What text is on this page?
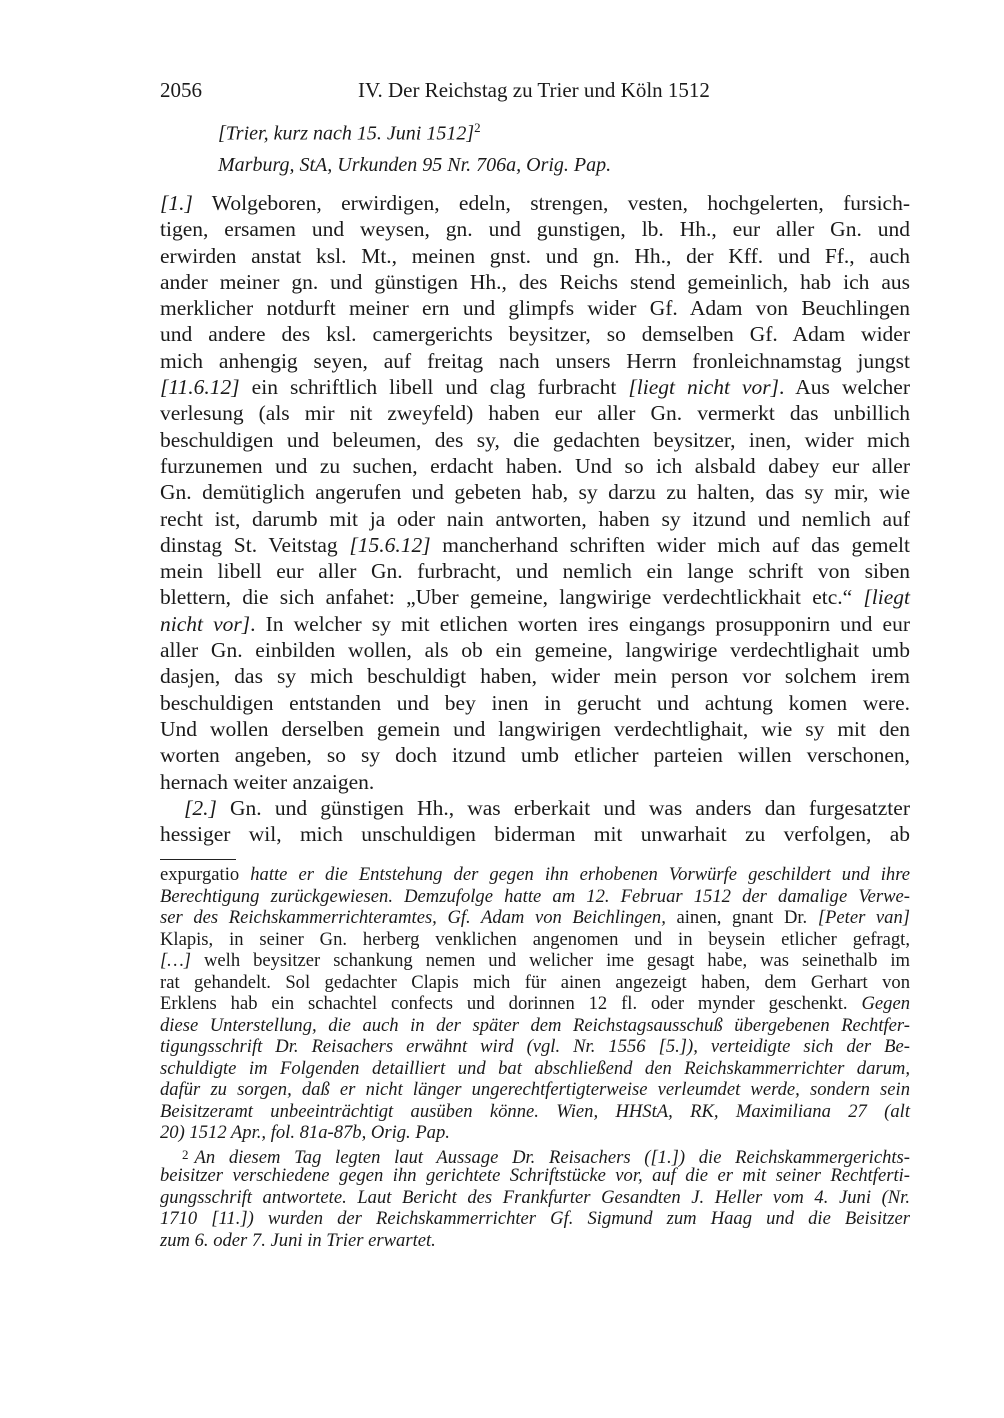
2056	IV. Der Reichstag zu Trier und Köln 1512
[Trier, kurz nach 15. Juni 1512]$^2$
Marburg, StA, Urkunden 95 Nr. 706a, Orig. Pap.
[1.] Wolgeboren, erwirdigen, edeln, strengen, vesten, hochgelerten, fursich-
tigen, ersamen und weysen, gn. und gunstigen, lb. Hh., eur aller Gn. und
erwirden anstat ksl. Mt., meinen gnst. und gn. Hh., der Kff. und Ff., auch
ander meiner gn. und günstigen Hh., des Reichs stend gemeinlich, hab ich aus
merklicher notdurft meiner ern und glimpfs wider Gf. Adam von Beuchlingen
und andere des ksl. camergerichts beysitzer, so demselben Gf. Adam wider
mich anhengig seyen, auf freitag nach unsers Herrn fronleichnamstag jungst
[11.6.12] ein schriftlich libell und clag furbracht [liegt nicht vor]. Aus welcher
verlesung (als mir nit zweyfeld) haben eur aller Gn. vermerkt das unbillich
beschuldigen und beleumen, des sy, die gedachten beysitzer, inen, wider mich
furzunemen und zu suchen, erdacht haben. Und so ich alsbald dabey eur aller
Gn. demütiglich angerufen und gebeten hab, sy darzu zu halten, das sy mir, wie
recht ist, darumb mit ja oder nain antworten, haben sy itzund und nemlich auf
dinstag St. Veitstag [15.6.12] mancherhand schriften wider mich auf das gemelt
mein libell eur aller Gn. furbracht, und nemlich ein lange schrift von siben
blettern, die sich anfahet: „Uber gemeine, langwirige verdechtlickhait etc.“ [liegt
nicht vor]. In welcher sy mit etlichen worten ires eingangs prosupponirn und eur
aller Gn. einbilden wollen, als ob ein gemeine, langwirige verdechtlighait umb
dasjen, das sy mich beschuldigt haben, wider mein person vor solchem irem
beschuldigen entstanden und bey inen in gerucht und achtung komen were.
Und wollen derselben gemein und langwirigen verdechtlighait, wie sy mit den
worten angeben, so sy doch itzund umb etlicher parteien willen verschonen,
hernach weiter anzaigen.
[2.] Gn. und günstigen Hh., was erberkait und was anders dan furgesatzter
hessiger wil, mich unschuldigen biderman mit unwarhait zu verfolgen, ab
expurgatio hatte er die Entstehung der gegen ihn erhobenen Vorwürfe geschildert und ihre
Berechtigung zurückgewiesen. Demzufolge hatte am 12. Februar 1512 der damalige Verwe-
ser des Reichskammerrichteramtes, Gf. Adam von Beichlingen, ainen, gnant Dr. [Peter van]
Klapis, in seiner Gn. herberg venklichen angenomen und in beysein etlicher gefragt,
[…] welh beysitzer schankung nemen und welicher ime gesagt habe, was seinethalb im
rat gehandelt. Sol gedachter Clapis mich für ainen angezeigt haben, dem Gerhart von
Erklens hab ein schachtel confects und dorinnen 12 fl. oder mynder geschenkt. Gegen
diese Unterstellung, die auch in der später dem Reichstagsausschuß übergebenen Rechtfer-
tigungsschrift Dr. Reisachers erwähnt wird (vgl. Nr. 1556 [5.]), verteidigte sich der Be-
schuldigte im Folgenden detailliert und bat abschließend den Reichskammerrichter darum,
dafür zu sorgen, daß er nicht länger ungerechtfertigterweise verleumdet werde, sondern sein
Beisitzeramt unbeeinträchtigt ausüben könne. Wien, HHStA, RK, Maximiliana 27 (alt
20) 1512 Apr., fol. 81a-87b, Orig. Pap.
$^2$ An diesem Tag legten laut Aussage Dr. Reisachers ([1.]) die Reichskammergerichts-
beisitzer verschiedene gegen ihn gerichtete Schriftstücke vor, auf die er mit seiner Rechtferti-
gungsschrift antwortete. Laut Bericht des Frankfurter Gesandten J. Heller vom 4. Juni (Nr.
1710 [11.]) wurden der Reichskammerrichter Gf. Sigmund zum Haag und die Beisitzer
zum 6. oder 7. Juni in Trier erwartet.
